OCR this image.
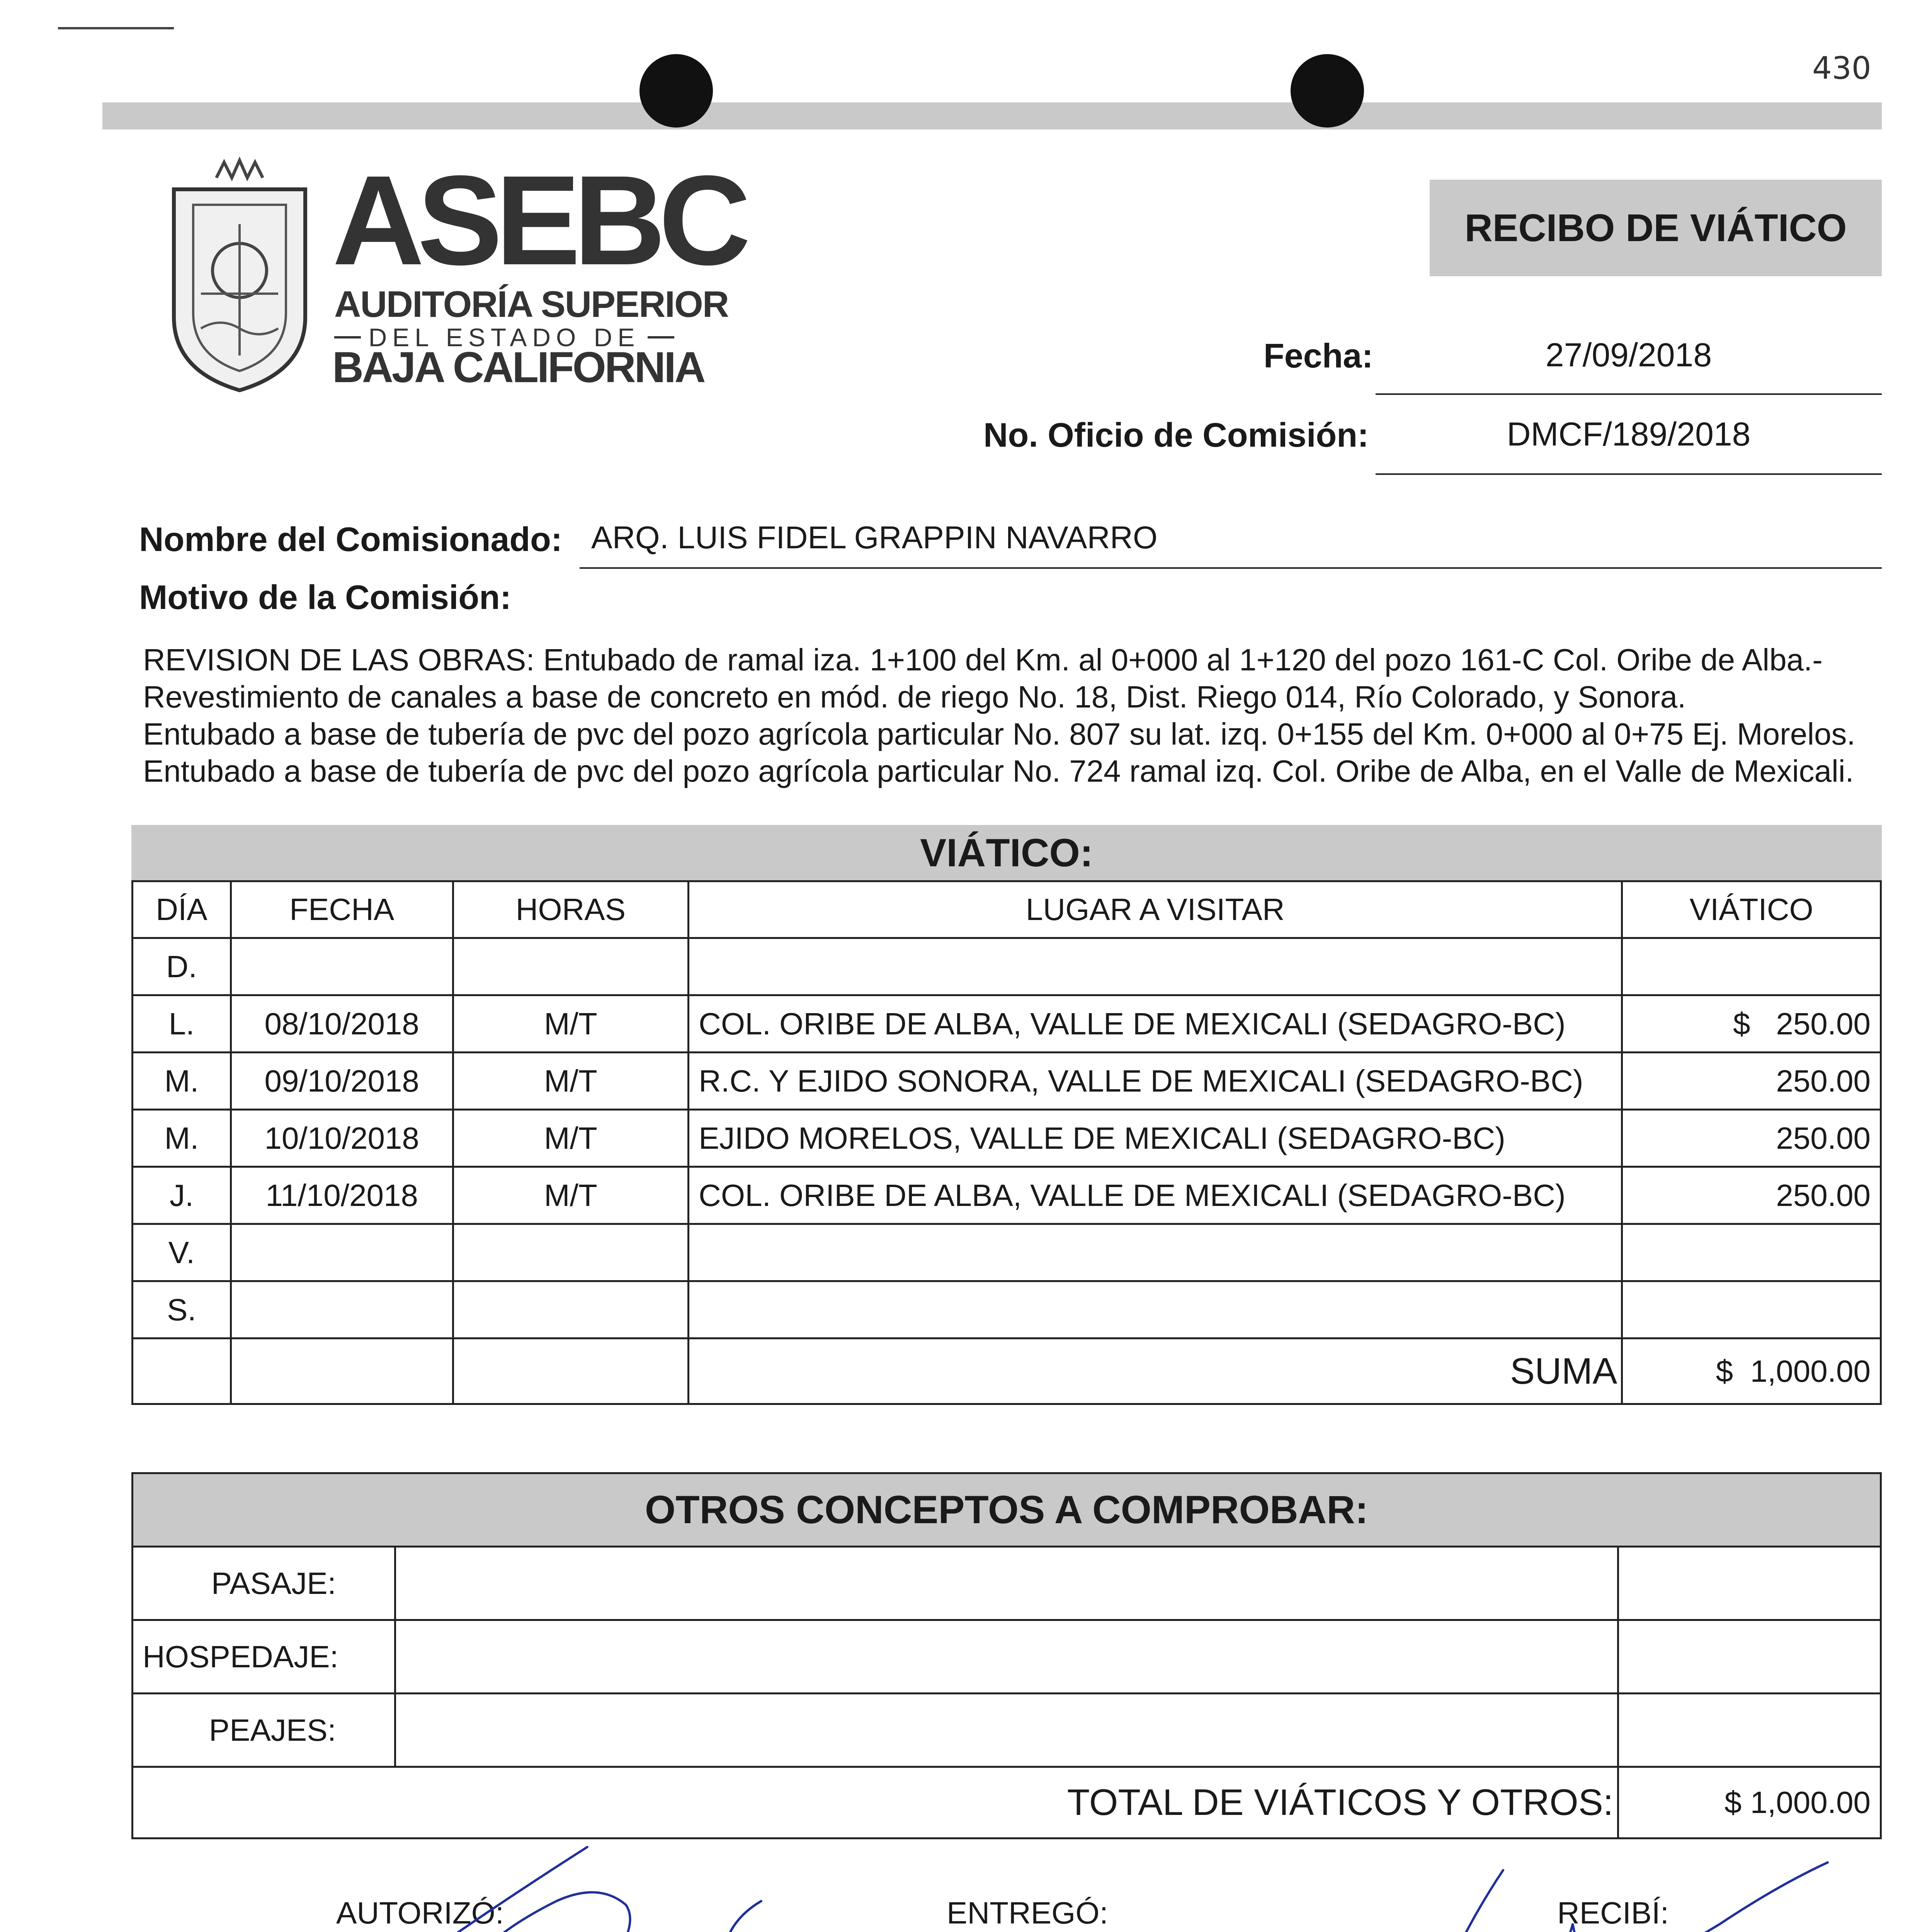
430
ASEBC
AUDITORÍA SUPERIOR
DEL ESTADO DE
BAJA CALIFORNIA
RECIBO DE VIÁTICO
Fecha:	27/09/2018
No. Oficio de Comisión:	DMCF/189/2018
Nombre del Comisionado: ARQ. LUIS FIDEL GRAPPIN NAVARRO
Motivo de la Comisión:
REVISION DE LAS OBRAS: Entubado de ramal iza. 1+100 del Km. al 0+000 al 1+120 del pozo 161-C Col. Oribe de Alba.-
Revestimiento de canales a base de concreto en mód. de riego No. 18, Dist. Riego 014, Río Colorado, y Sonora.
Entubado a base de tubería de pvc del pozo agrícola particular No. 807 su lat. izq. 0+155 del Km. 0+000 al 0+75 Ej. Morelos.
Entubado a base de tubería de pvc del pozo agrícola particular No. 724 ramal izq. Col. Oribe de Alba, en el Valle de Mexicali.
VIÁTICO:
DÍA	FECHA	HORAS	LUGAR A VISITAR	VIÁTICO
D.				
L.	08/10/2018	M/T	COL. ORIBE DE ALBA, VALLE DE MEXICALI (SEDAGRO-BC)	$   250.00
M.	09/10/2018	M/T	R.C. Y EJIDO SONORA, VALLE DE MEXICALI (SEDAGRO-BC)	250.00
M.	10/10/2018	M/T	EJIDO MORELOS, VALLE DE MEXICALI (SEDAGRO-BC)	250.00
J.	11/10/2018	M/T	COL. ORIBE DE ALBA, VALLE DE MEXICALI (SEDAGRO-BC)	250.00
V.				
S.				
			SUMA	$  1,000.00
OTROS CONCEPTOS A COMPROBAR:
PASAJE:		
HOSPEDAJE:		
PEAJES:		
TOTAL DE VIÁTICOS Y OTROS:		$ 1,000.00
AUTORIZÓ:	ENTREGÓ:	RECIBÍ:
